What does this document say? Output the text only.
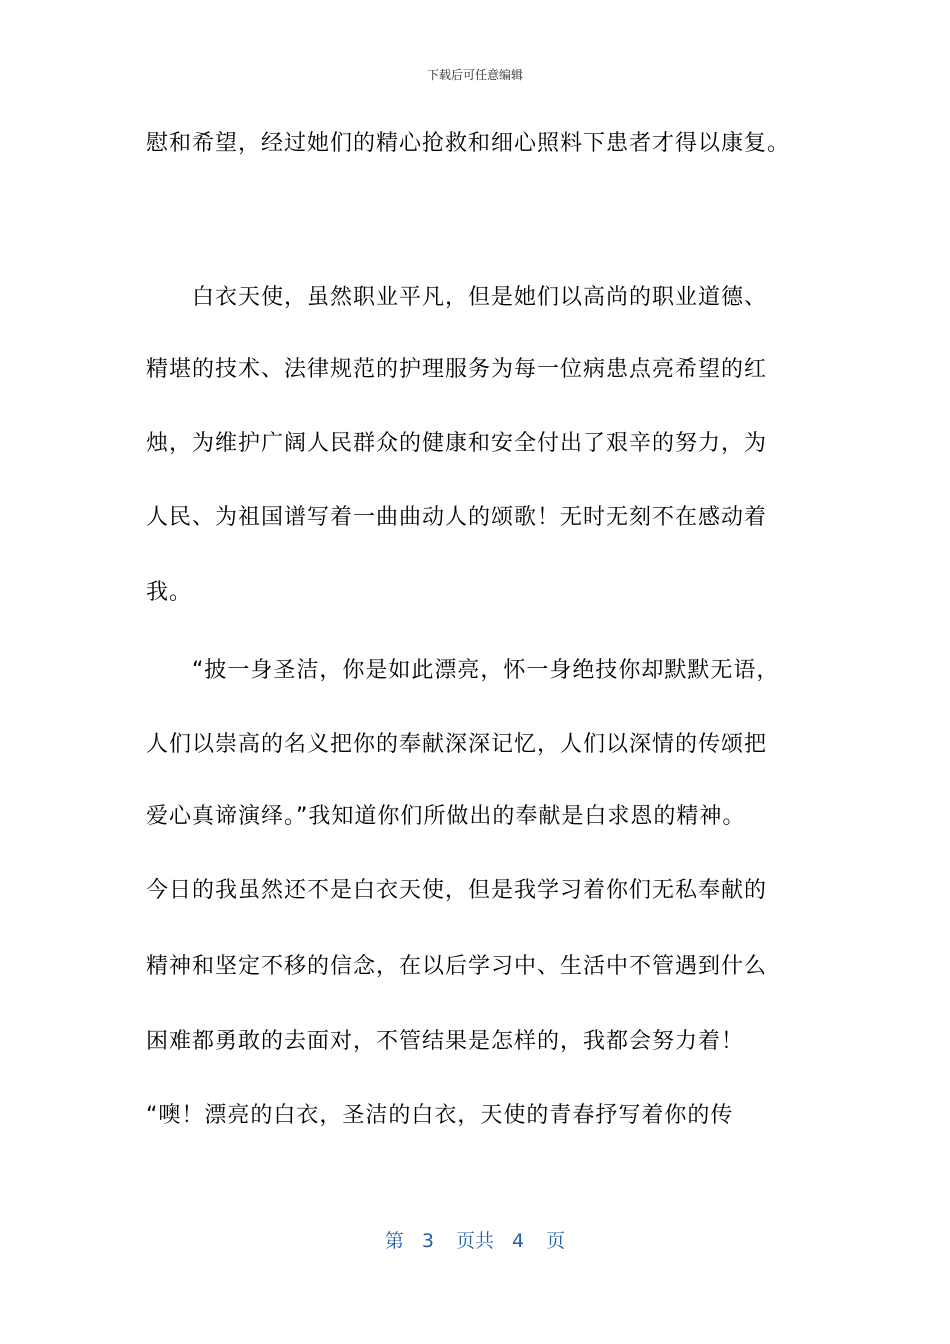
下载后可任意编辑
慰和希望，经过她们的精心抢救和细心照料下患者才得以康复。
　　白衣天使，虽然职业平凡，但是她们以高尚的职业道德、
精堪的技术、法律规范的护理服务为每一位病患点亮希望的红
烛，为维护广阔人民群众的健康和安全付出了艰辛的努力，为
人民、为祖国谱写着一曲曲动人的颂歌！无时无刻不在感动着
我。
　　“披一身圣洁，你是如此漂亮，怀一身绝技你却默默无语，
人们以崇高的名义把你的奉献深深记忆，人们以深情的传颂把
爱心真谛演绎。”我知道你们所做出的奉献是白求恩的精神。
今日的我虽然还不是白衣天使，但是我学习着你们无私奉献的
精神和坚定不移的信念，在以后学习中、生活中不管遇到什么
困难都勇敢的去面对，不管结果是怎样的，我都会努力着！
“噢！漂亮的白衣，圣洁的白衣，天使的青春抒写着你的传
第 3 页共 4 页
